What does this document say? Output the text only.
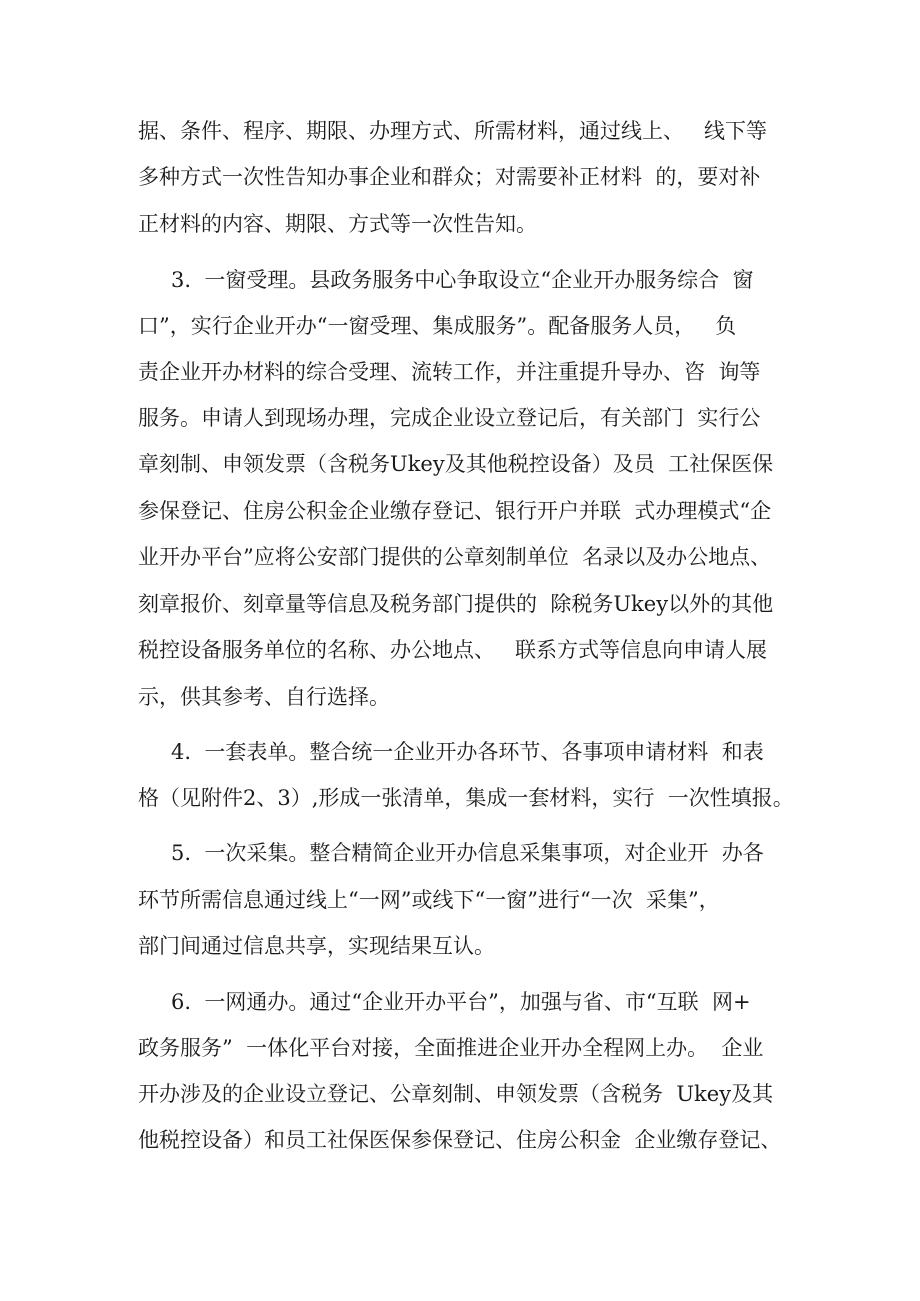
据、条件、程序、期限、办理方式、所需材料，通过线上、   线下等
多种方式一次性告知办事企业和群众；对需要补正材料  的，要对补
正材料的内容、期限、方式等一次性告知。
3.  一窗受理。县政务服务中心争取设立“企业开办服务综合  窗
口”，实行企业开办“一窗受理、集成服务”。配备服务人员，   负
责企业开办材料的综合受理、流转工作，并注重提升导办、咨  询等
服务。申请人到现场办理，完成企业设立登记后，有关部门  实行公
章刻制、申领发票（含税务Ukey及其他税控设备）及员  工社保医保
参保登记、住房公积金企业缴存登记、银行开户并联  式办理模式“企
业开办平台”应将公安部门提供的公章刻制单位  名录以及办公地点、
刻章报价、刻章量等信息及税务部门提供的  除税务Ukey以外的其他
税控设备服务单位的名称、办公地点、   联系方式等信息向申请人展
示，供其参考、自行选择。
4.  一套表单。整合统一企业开办各环节、各事项申请材料  和表
格（见附件2、3）,形成一张清单，集成一套材料，实行  一次性填报。
5.  一次采集。整合精简企业开办信息采集事项，对企业开  办各
环节所需信息通过线上“一网”或线下“一窗”进行“一次  采集”，
部门间通过信息共享，实现结果互认。
6.  一网通办。通过“企业开办平台”，加强与省、市“互联  网+
政务服务”  一体化平台对接，全面推进企业开办全程网上办。  企业
开办涉及的企业设立登记、公章刻制、申领发票（含税务  Ukey及其
他税控设备）和员工社保医保参保登记、住房公积金  企业缴存登记、
